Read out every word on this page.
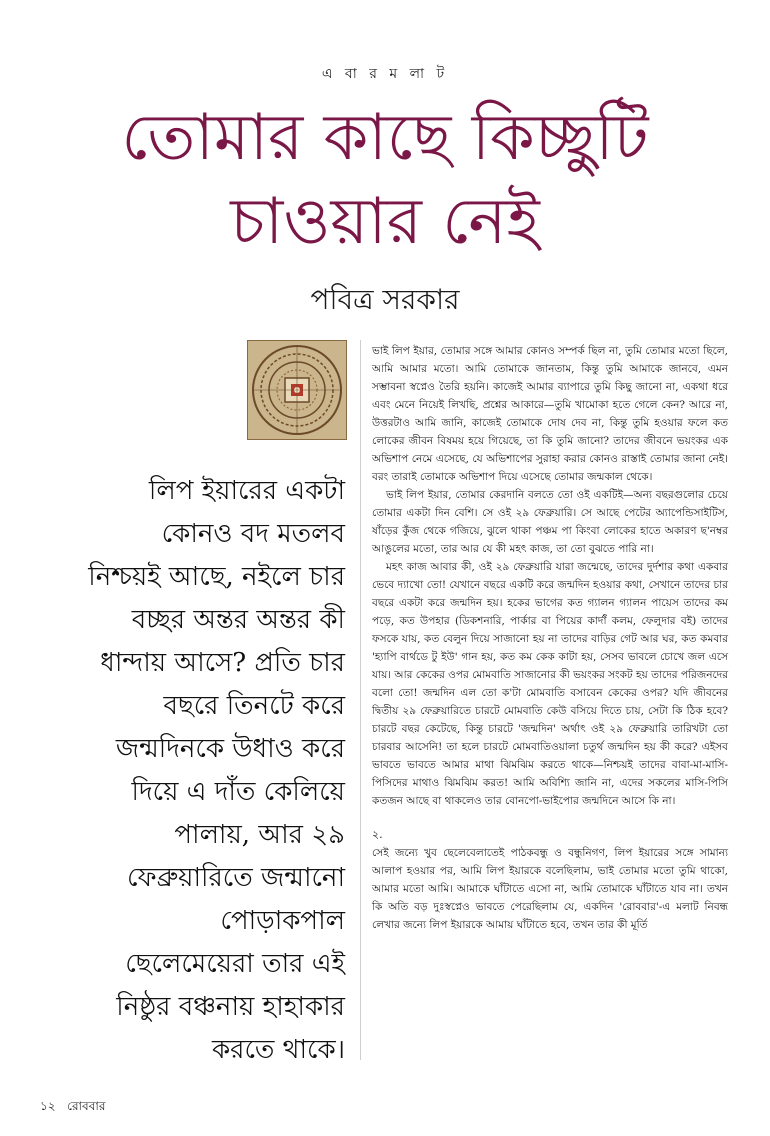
এ বা র ম লা ট
তোমার কাছে কিচ্ছুটি
চাওয়ার নেই
পবিত্র সরকার
লিপ ইয়ারের একটা
কোনও বদ মতলব
নিশ্চয়ই আছে, নইলে চার
বচ্ছর অন্তর অন্তর কী
ধান্দায় আসে? প্রতি চার
বছরে তিনটে করে
জন্মদিনকে উধাও করে
দিয়ে এ দাঁত কেলিয়ে
পালায়, আর ২৯
ফেব্রুয়ারিতে জন্মানো
পোড়াকপাল
ছেলেমেয়েরা তার এই
নিষ্ঠুর বঞ্চনায় হাহাকার
করতে থাকে।

ভাই লিপ ইয়ার, তোমার সঙ্গে আমার কোনও সম্পর্ক ছিল না, তুমি তোমার মতো ছিলে, আমি আমার মতো। আমি তোমাকে জানতাম, কিন্তু তুমি আমাকে জানবে, এমন সম্ভাবনা স্বপ্নেও তৈরি হয়নি। কাজেই আমার ব্যাপারে তুমি কিছু জানো না, একথা ধরে এবং মেনে নিয়েই লিখছি, প্রশ্নের আকারে—তুমি খামোকা হতে গেলে কেন? আরে না, উত্তরটাও আমি জানি, কাজেই তোমাকে দোষ দেব না, কিন্তু তুমি হওয়ার ফলে কত লোকের জীবন বিষময় হয়ে গিয়েছে, তা কি তুমি জানো? তাদের জীবনে ভয়ংকর এক অভিশাপ নেমে এসেছে, যে অভিশাপের সুরাহা করার কোনও রাস্তাই তোমার জানা নেই। বরং তারাই তোমাকে অভিশাপ দিয়ে এসেছে তোমার জন্মকাল থেকে।

ভাই লিপ ইয়ার, তোমার কেরদানি বলতে তো ওই একটিই—অন্য বছরগুলোর চেয়ে তোমার একটা দিন বেশি। সে ওই ২৯ ফেব্রুয়ারি। সে আছে পেটের অ্যাপেন্ডিসাইটিস, ষাঁড়ের কুঁজ থেকে গজিয়ে, ঝুলে থাকা পঞ্চম পা কিংবা লোকের হাতে অকারণ ছ'নম্বর আঙুলের মতো, তার আর যে কী মহৎ কাজ, তা তো বুঝতে পারি না।

মহৎ কাজ আবার কী, ওই ২৯ ফেব্রুয়ারি যারা জন্মেছে, তাদের দুর্দশার কথা একবার ভেবে দ্যাখো তো! যেখানে বছরে একটি করে জন্মদিন হওয়ার কথা, সেখানে তাদের চার বছরে একটা করে জন্মদিন হয়। হকের ভাগের কত গ্যালন গ্যালন পায়েস তাদের কম পড়ে, কত উপহার (ডিকশনারি, পার্কার বা পিয়ের কার্দাঁ কলম, ফেলুদার বই) তাদের ফসকে যায়, কত বেলুন দিয়ে সাজানো হয় না তাদের বাড়ির গেট আর ঘর, কত কমবার 'হ্যাপি বার্থডে টু ইউ' গান হয়, কত কম কেক কাটা হয়, সেসব ভাবলে চোখে জল এসে যায়। আর কেকের ওপর মোমবাতি সাজানোর কী ভয়ংকর সংকট হয় তাদের পরিজনদের বলো তো! জন্মদিন এল তো ক'টা মোমবাতি বসাবেন কেকের ওপর? যদি জীবনের দ্বিতীয় ২৯ ফেব্রুয়ারিতে চারটে মোমবাতি কেউ বসিয়ে দিতে চায়, সেটা কি ঠিক হবে? চারটে বছর কেটেছে, কিন্তু চারটে 'জন্মদিন' অর্থাৎ ওই ২৯ ফেব্রুয়ারি তারিখটা তো চারবার আসেনি! তা হলে চারটে মোমবাতিওয়ালা চতুর্থ জন্মদিন হয় কী করে? এইসব ভাবতে ভাবতে আমার মাথা ঝিমঝিম করতে থাকে—নিশ্চয়ই তাদের বাবা-মা-মাসি-পিসিদের মাথাও ঝিমঝিম করত! আমি অবিশ্যি জানি না, এদের সকলের মাসি-পিসি কতজন আছে বা থাকলেও তার বোনপো-ভাইপোর জন্মদিনে আসে কি না।

২.

সেই জন্যে খুব ছেলেবেলাতেই পাঠকবন্ধু ও বন্ধুনিগণ, লিপ ইয়ারের সঙ্গে সামান্য আলাপ হওয়ার পর, আমি লিপ ইয়ারকে বলেছিলাম, ভাই তোমার মতো তুমি থাকো, আমার মতো আমি। আমাকে ঘাঁটাতে এসো না, আমি তোমাকে ঘাঁটাতে যাব না। তখন কি অতি বড় দুঃস্বপ্নেও ভাবতে পেরেছিলাম যে, একদিন 'রোববার'-এ মলাট নিবন্ধ লেখার জন্যে লিপ ইয়ারকে আমায় ঘাঁটাতে হবে, তখন তার কী মূর্তি

১২ রোববার
